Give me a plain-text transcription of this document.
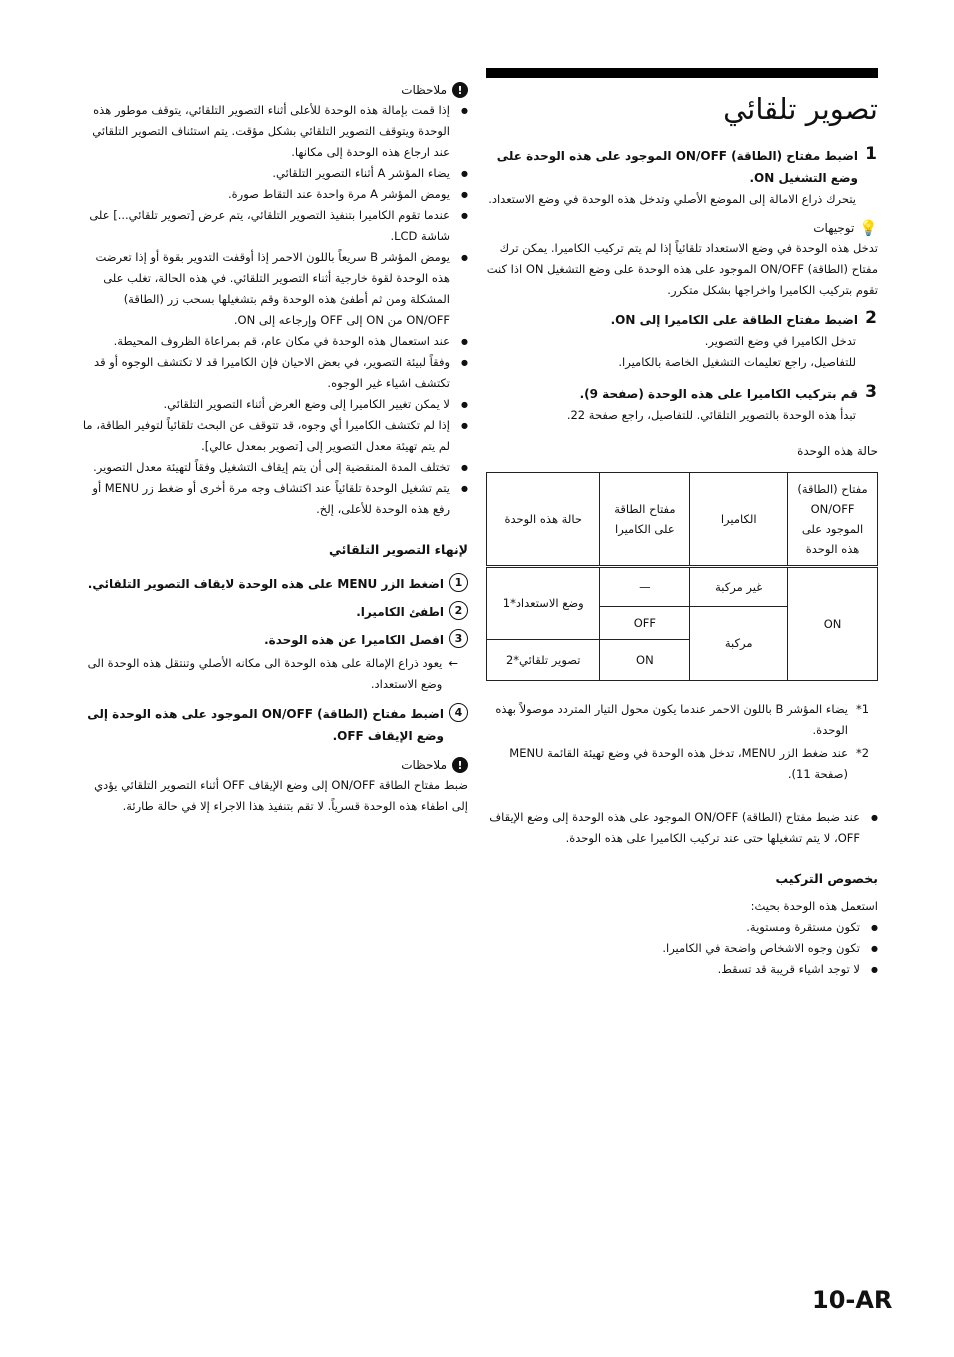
تصوير تلقائي
1
اضبط مفتاح (الطاقة) ON/OFF الموجود على هذه الوحدة على وضع التشغيل ON.

يتحرك ذراع الامالة إلى الموضع الأصلي وتدخل هذه الوحدة في وضع الاستعداد.

💡
توجيهات

تدخل هذه الوحدة في وضع الاستعداد تلقائياً إذا لم يتم تركيب الكاميرا. يمكن ترك مفتاح (الطاقة) ON/OFF الموجود على هذه الوحدة على وضع التشغيل ON اذا كنت تقوم بتركيب الكاميرا واخراجها بشكل متكرر.

2
اضبط مفتاح الطاقة على الكاميرا إلى ON.

تدخل الكاميرا في وضع التصوير.

للتفاصيل، راجع تعليمات التشغيل الخاصة بالكاميرا.

3
قم بتركيب الكاميرا على هذه الوحدة (صفحة 9).

تبدأ هذه الوحدة بالتصوير التلقائي. للتفاصيل، راجع صفحة 22.

حالة هذه الوحدة

مفتاح (الطاقة) ON/OFF الموجود على هذه الوحدة	الكاميرا	مفتاح الطاقة على الكاميرا	حالة هذه الوحدة
ON	غير مركبة	—	وضع الاستعداد*1
	مركبة	OFF	
		ON	تصوير تلقائي*2
*1
يضاء المؤشر B باللون الاحمر عندما يكون محول التيار المتردد موصولاً بهذه الوحدة.
*2
عند ضغط الزر MENU، تدخل هذه الوحدة في وضع تهيئة القائمة MENU (صفحة 11).
● عند ضبط مفتاح (الطاقة) ON/OFF الموجود على هذه الوحدة إلى وضع الإيقاف OFF، لا يتم تشغيلها حتى عند تركيب الكاميرا على هذه الوحدة.

بخصوص التركيب

استعمل هذه الوحدة بحيث:

● تكون مستقرة ومستوية.
● تكون وجوه الاشخاص واضحة في الكاميرا.
● لا توجد اشياء قريبة قد تسقط.
!
ملاحظات
● إذا قمت بإمالة هذه الوحدة للأعلى أثناء التصوير التلقائي، يتوقف موطور هذه الوحدة ويتوقف التصوير التلقائي بشكل مؤقت. يتم استئناف التصوير التلقائي عند ارجاع هذه الوحدة إلى مكانها.
● يضاء المؤشر A أثناء التصوير التلقائي.
● يومض المؤشر A مرة واحدة عند التقاط صورة.
● عندما تقوم الكاميرا بتنفيذ التصوير التلقائي، يتم عرض [تصوير تلقائي...] على شاشة LCD.
● يومض المؤشر B سريعاً باللون الاحمر إذا أوقفت التدوير بقوة أو إذا تعرضت هذه الوحدة لقوة خارجية أثناء التصوير التلقائي. في هذه الحالة، تغلب على المشكلة ومن ثم أطفئ هذه الوحدة وقم بتشغيلها بسحب زر (الطاقة) ON/OFF من ON إلى OFF وإرجاعه إلى ON.
● عند استعمال هذه الوحدة في مكان عام، قم بمراعاة الظروف المحيطة.
● وفقاً لبيئة التصوير، في بعض الاحيان فإن الكاميرا قد لا تكتشف الوجوه أو قد تكتشف اشياء غير الوجوه.
● لا يمكن تغيير الكاميرا إلى وضع العرض أثناء التصوير التلقائي.
● إذا لم تكتشف الكاميرا أي وجوه، قد تتوقف عن البحث تلقائياً لتوفير الطاقة، ما لم يتم تهيئة معدل التصوير إلى [تصوير بمعدل عالي].
● تختلف المدة المنقضية إلى أن يتم إيقاف التشغيل وفقاً لتهيئة معدل التصوير.
● يتم تشغيل الوحدة تلقائياً عند اكتشاف وجه مرة أخرى أو ضغط زر MENU أو رفع هذه الوحدة للأعلى، إلخ.

لإنهاء التصوير التلقائي

1
اضغط الزر MENU على هذه الوحدة لايقاف التصوير التلقائي.
2
اطفئ الكاميرا.
3
افصل الكاميرا عن هذه الوحدة.
←
يعود ذراع الإمالة على هذه الوحدة الى مكانه الأصلي وتنتقل هذه الوحدة الى وضع الاستعداد.
4
اضبط مفتاح (الطاقة) ON/OFF الموجود على هذه الوحدة إلى وضع الإيقاف OFF.
!
ملاحظات

ضبط مفتاح الطاقة ON/OFF إلى وضع الإيقاف OFF أثناء التصوير التلقائي يؤدي إلى اطفاء هذه الوحدة قسرياً. لا تقم بتنفيذ هذا الاجراء إلا في حالة طارئة.

10-AR
